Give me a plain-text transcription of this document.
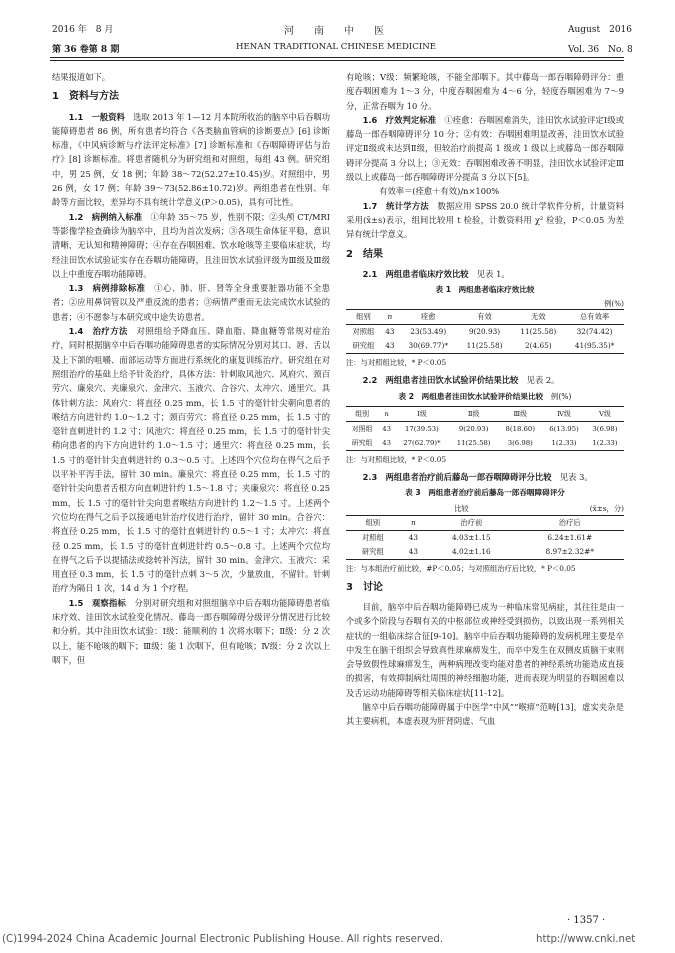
2016 年　8 月	河　　南　　中　　医	August　2016
第 36 卷第 8 期	HENAN TRADITIONAL CHINESE MEDICINE	Vol. 36　No. 8

结果报道如下。

1　资料与方法

1.1　一般资料　 选取 2013 年 1—12 月本院所收治的脑卒中后吞咽功能障碍患者 86 例，所有患者均符合《各类脑血管病的诊断要点》[6] 诊断标准，《中风病诊断与疗法评定标准》[7] 诊断标准和《吞咽障碍评估与治疗》[8] 诊断标准。将患者随机分为研究组和对照组，每组 43 例。研究组中，男 25 例，女 18 例；年龄 38～72(52.27±10.45)岁。对照组中，男 26 例，女 17 例；年龄 39～73(52.86±10.72)岁。两组患者在性别、年龄等方面比较，差异均不具有统计学意义(P＞0.05)，具有可比性。

1.2　病例纳入标准　 ①年龄 35～75 岁，性别不限；②头颅 CT/MRI 等影像学检查确诊为脑卒中，且均为首次发病；③各项生命体征平稳，意识清晰，无认知和精神障碍；④存在吞咽困难、饮水呛咳等主要临床症状，均经洼田饮水试验证实存在吞咽功能障碍，且洼田饮水试验评级为Ⅲ级及Ⅲ级以上中重度吞咽功能障碍。

1.3　病例排除标准　 ①心、肺、肝、肾等全身重要脏器功能不全患者；②应用鼻饲管以及严重反流的患者；③病情严重而无法完成饮水试验的患者；④不愿参与本研究或中途失访患者。

1.4　治疗方法　 对照组给予降血压、降血脂、降血糖等常规对症治疗，同时根据脑卒中后吞咽功能障碍患者的实际情况分别对其口、唇、舌以及上下颌的咀嚼、面部运动等方面进行系统化的康复训练治疗。研究组在对照组治疗的基础上给予针灸治疗，具体方法：针刺取风池穴、风府穴、颈百劳穴、廉泉穴、夹廉泉穴、金津穴、玉液穴、合谷穴、太冲穴、通里穴。具体针刺方法：风府穴：将直径 0.25 mm，长 1.5 寸的毫针针尖朝向患者的喉结方向进针约 1.0～1.2 寸；颈百劳穴：将直径 0.25 mm，长 1.5 寸的毫针直刺进针约 1.2 寸；风池穴：将直径 0.25 mm，长 1.5 寸的毫针针尖稍向患者的内下方向进针约 1.0～1.5 寸；通里穴：将直径 0.25 mm，长 1.5 寸的毫针针尖直刺进针约 0.3～0.5 寸。上述四个穴位均在得气之后予以平补平泻手法，留针 30 min。廉泉穴：将直径 0.25 mm，长 1.5 寸的毫针针尖向患者舌根方向直刺进针约 1.5～1.8 寸；夹廉泉穴：将直径 0.25 mm，长 1.5 寸的毫针针尖向患者喉结方向进针约 1.2～1.5 寸。上述两个穴位均在得气之后予以接通电针治疗仪进行治疗，留针 30 min。合谷穴：将直径 0.25 mm，长 1.5 寸的毫针直刺进针约 0.5～1 寸；太冲穴：将直径 0.25 mm，长 1.5 寸的毫针直刺进针约 0.5～0.8 寸。上述两个穴位均在得气之后予以提插法或捻转补泻法，留针 30 min。金津穴、玉液穴：采用直径 0.3 mm，长 1.5 寸的毫针点刺 3～5 次，少量放血，不留针。针刺治疗为隔日 1 次，14 d 为 1 个疗程。

1.5　观察指标　 分别对研究组和对照组脑卒中后吞咽功能障碍患者临床疗效、洼田饮水试验变化情况、藤岛一郎吞咽障碍分级评分情况进行比较和分析。其中洼田饮水试验：Ⅰ级：能顺利的 1 次将水咽下；Ⅱ级：分 2 次以上，能不呛咳的咽下；Ⅲ级：能 1 次咽下，但有呛咳；Ⅳ级：分 2 次以上咽下，但

有呛咳；Ⅴ级：频繁呛咳，不能全部咽下。其中藤岛一郎吞咽障碍评分：重度吞咽困难为 1～3 分，中度吞咽困难为 4～6 分，轻度吞咽困难为 7～9 分，正常吞咽为 10 分。

1.6　疗效判定标准　 ①痊愈：吞咽困难消失，洼田饮水试验评定Ⅰ级或藤岛一郎吞咽障碍评分 10 分；②有效：吞咽困难明显改善，洼田饮水试验评定Ⅱ级或未达到Ⅱ级，但较治疗前提高 1 级或 1 级以上或藤岛一郎吞咽障碍评分提高 3 分以上；③无效：吞咽困难改善不明显，洼田饮水试验评定Ⅲ级以上或藤岛一郎吞咽障碍评分提高 3 分以下[5]。

有效率＝(痊愈＋有效)/n×100%

1.7　统计学方法　 数据应用 SPSS 20.0 统计学软件分析，计量资料采用(x̄±s)表示，组间比较用 t 检验，计数资料用 χ² 检验，P＜0.05 为差异有统计学意义。

2　结果

2.1　两组患者临床疗效比较　 见表 1。

表 1　两组患者临床疗效比较
例(%)
组别	n	痊愈	有效	无效	总有效率
对照组	43	23(53.49)	9(20.93)	11(25.58)	32(74.42)
研究组	43	30(69.77)*	11(25.58)	2(4.65)	41(95.35)*
注：与对照组比较，* P＜0.05

2.2　两组患者洼田饮水试验评价结果比较　 见表 2。

表 2　两组患者洼田饮水试验评价结果比较　 例(%)
组别	n	Ⅰ级	Ⅱ级	Ⅲ级	Ⅳ级	Ⅴ级
对照组	43	17(39.53)	9(20.93)	8(18.60)	6(13.95)	3(6.98)
研究组	43	27(62.79)*	11(25.58)	3(6.98)	1(2.33)	1(2.33)
注：与对照组比较，* P＜0.05

2.3　两组患者治疗前后藤岛一郎吞咽障碍评分比较　 见表 3。

表 3　两组患者治疗前后藤岛一郎吞咽障碍评分
比较	(x̄±s，分)
组别	n	治疗前	治疗后
对照组	43	4.03±1.15	6.24±1.61#
研究组	43	4.02±1.16	8.97±2.32#*
注：与本组治疗前比较，#P＜0.05；与对照组治疗后比较，* P＜0.05
3　讨论

目前，脑卒中后吞咽功能障碍已成为一种临床常见病症，其往往是由一个或多个阶段与吞咽有关的中枢部位或神经受到损伤，以致出现一系列相关症状的一组临床综合征[9-10]。脑卒中后吞咽功能障碍的发病机理主要是卒中发生在脑干组织会导致真性球麻痹发生，而卒中发生在双侧皮质脑干束则会导致假性球麻痹发生，两种病理改变均能对患者的神经系统功能造成直接的损害，有效抑制病灶周围的神经细胞功能，进而表现为明显的吞咽困难以及舌运动功能障碍等相关临床症状[11-12]。

脑卒中后吞咽功能障碍属于中医学“中风”“喉痹”范畴[13]，虚实夹杂是其主要病机，本虚表现为肝肾阴虚、气血

· 1357 ·
(C)1994-2024 China Academic Journal Electronic Publishing House. All rights reserved.	http://www.cnki.net
